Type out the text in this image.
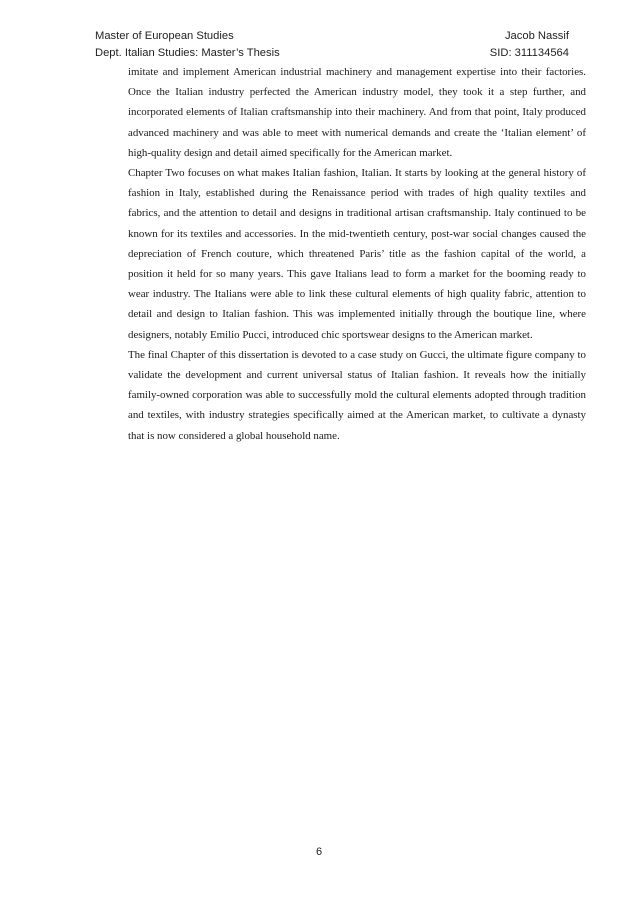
Master of European Studies	Jacob Nassif
Dept. Italian Studies: Master’s Thesis	SID: 311134564

imitate and implement American industrial machinery and management expertise into their factories. Once the Italian industry perfected the American industry model, they took it a step further, and incorporated elements of Italian craftsmanship into their machinery. And from that point, Italy produced advanced machinery and was able to meet with numerical demands and create the ‘Italian element’ of high-quality design and detail aimed specifically for the American market.

Chapter Two focuses on what makes Italian fashion, Italian. It starts by looking at the general history of fashion in Italy, established during the Renaissance period with trades of high quality textiles and fabrics, and the attention to detail and designs in traditional artisan craftsmanship. Italy continued to be known for its textiles and accessories. In the mid-twentieth century, post-war social changes caused the depreciation of French couture, which threatened Paris’ title as the fashion capital of the world, a position it held for so many years. This gave Italians lead to form a market for the booming ready to wear industry. The Italians were able to link these cultural elements of high quality fabric, attention to detail and design to Italian fashion. This was implemented initially through the boutique line, where designers, notably Emilio Pucci, introduced chic sportswear designs to the American market.

The final Chapter of this dissertation is devoted to a case study on Gucci, the ultimate figure company to validate the development and current universal status of Italian fashion. It reveals how the initially family-owned corporation was able to successfully mold the cultural elements adopted through tradition and textiles, with industry strategies specifically aimed at the American market, to cultivate a dynasty that is now considered a global household name.

6
